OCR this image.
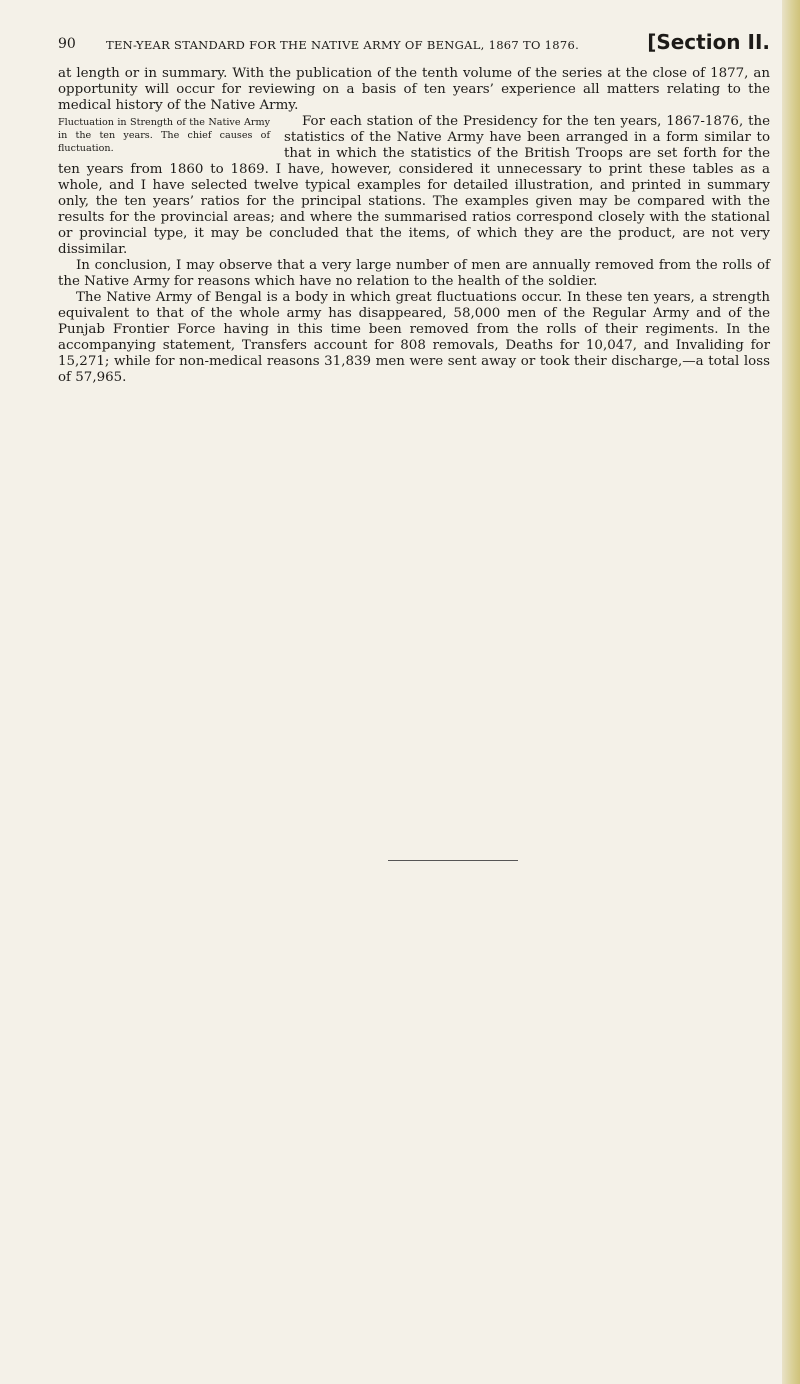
90	TEN-YEAR STANDARD FOR THE NATIVE ARMY OF BENGAL, 1867 TO 1876.	[Section II.

at length or in summary. With the publication of the tenth volume of the series at the close of 1877, an opportunity will occur for reviewing on a basis of ten years’ experience all matters relating to the medical history of the Native Army.

Fluctuation in Strength of the Native Army in the ten years. The chief causes of fluctuation.
For each station of the Presidency for the ten years, 1867-1876, the statistics of the Native Army have been arranged in a form similar to that in which the statistics of the British Troops are set forth for the ten years from 1860 to 1869. I have, however, considered it unnecessary to print these tables as a whole, and I have selected twelve typical examples for detailed illustration, and printed in summary only, the ten years’ ratios for the principal stations. The examples given may be compared with the results for the provincial areas; and where the summarised ratios correspond closely with the stational or provincial type, it may be concluded that the items, of which they are the product, are not very dissimilar.

In conclusion, I may observe that a very large number of men are annually removed from the rolls of the Native Army for reasons which have no relation to the health of the soldier.

The Native Army of Bengal is a body in which great fluctuations occur. In these ten years, a strength equivalent to that of the whole army has disappeared, 58,000 men of the Regular Army and of the Punjab Frontier Force having in this time been removed from the rolls of their regiments. In the accompanying statement, Transfers account for 808 removals, Deaths for 10,047, and Invaliding for 15,271; while for non-medical reasons 31,839 men were sent away or took their discharge,—a total loss of 57,965.
